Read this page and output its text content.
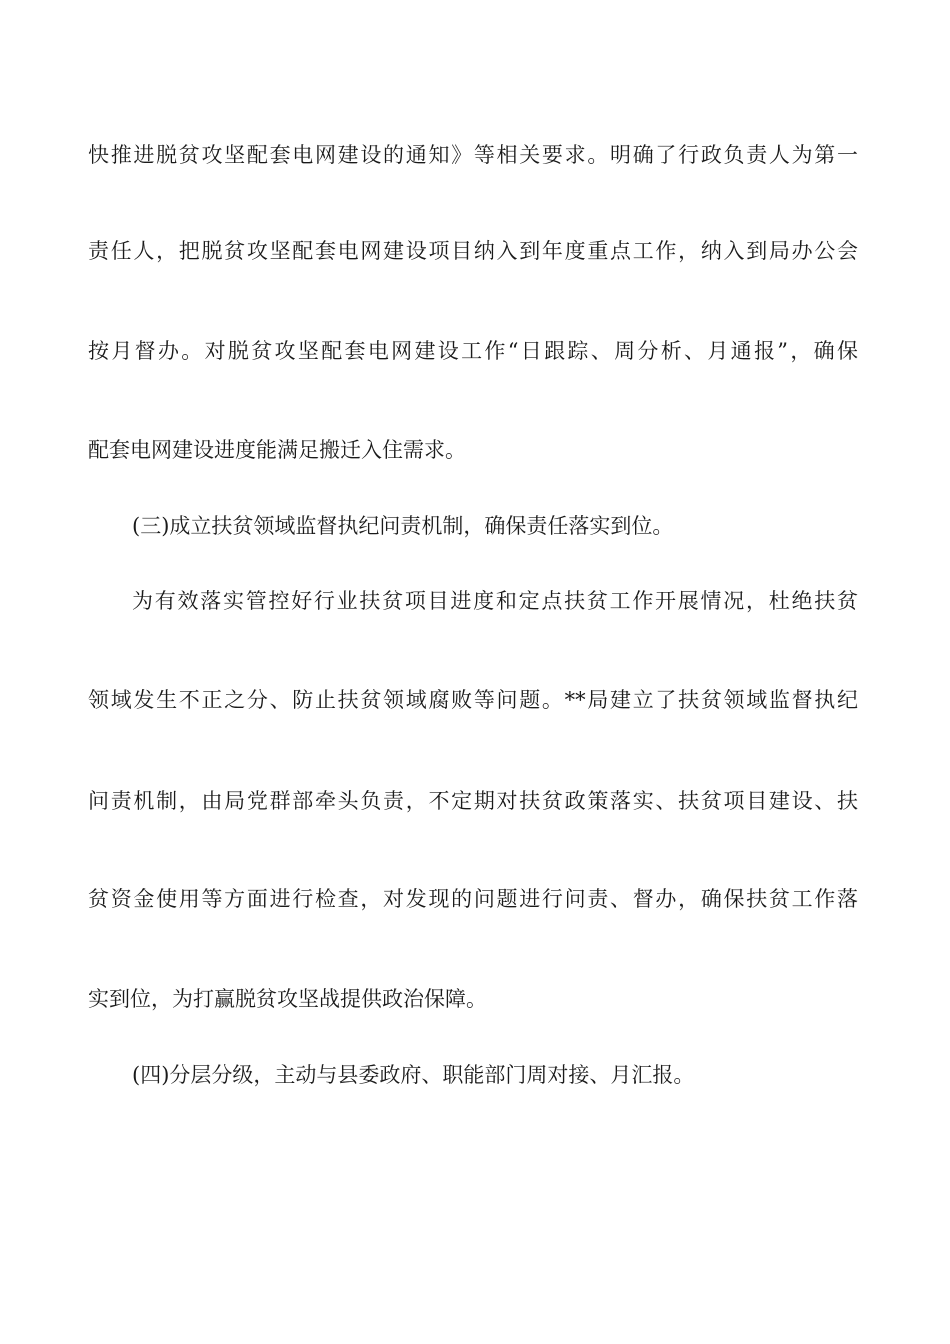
快推进脱贫攻坚配套电网建设的通知》等相关要求。明确了行政负责人为第一
责任人，把脱贫攻坚配套电网建设项目纳入到年度重点工作，纳入到局办公会
按月督办。对脱贫攻坚配套电网建设工作“日跟踪、周分析、月通报”，确保
配套电网建设进度能满足搬迁入住需求。
(三)成立扶贫领域监督执纪问责机制，确保责任落实到位。
为有效落实管控好行业扶贫项目进度和定点扶贫工作开展情况，杜绝扶贫
领域发生不正之分、防止扶贫领域腐败等问题。**局建立了扶贫领域监督执纪
问责机制，由局党群部牵头负责，不定期对扶贫政策落实、扶贫项目建设、扶
贫资金使用等方面进行检查，对发现的问题进行问责、督办，确保扶贫工作落
实到位，为打赢脱贫攻坚战提供政治保障。
(四)分层分级，主动与县委政府、职能部门周对接、月汇报。
